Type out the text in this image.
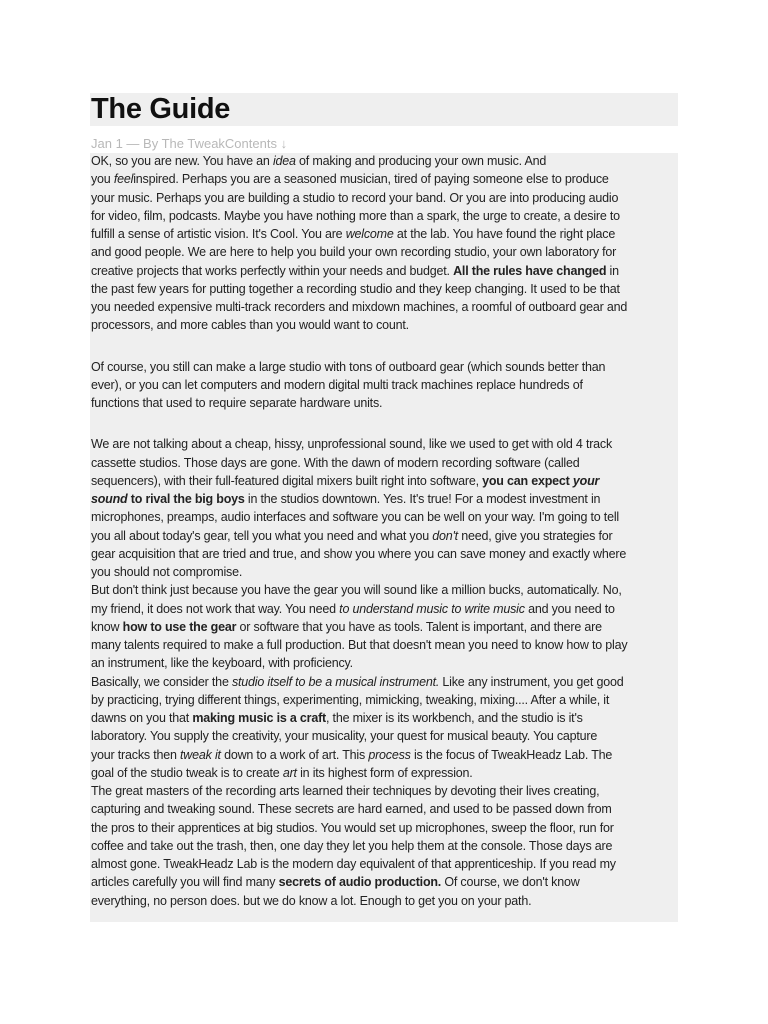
The Guide
Jan 1 — By The TweakContents ↓
OK, so you are new. You have an idea of making and producing your own music. And
you feelinspired. Perhaps you are a seasoned musician, tired of paying someone else to produce
your music. Perhaps you are building a studio to record your band. Or you are into producing audio
for video, film, podcasts. Maybe you have nothing more than a spark, the urge to create, a desire to
fulfill a sense of artistic vision. It's Cool. You are welcome at the lab. You have found the right place
and good people. We are here to help you build your own recording studio, your own laboratory for
creative projects that works perfectly within your needs and budget. All the rules have changed in
the past few years for putting together a recording studio and they keep changing. It used to be that
you needed expensive multi-track recorders and mixdown machines, a roomful of outboard gear and
processors, and more cables than you would want to count.
Of course, you still can make a large studio with tons of outboard gear (which sounds better than
ever), or you can let computers and modern digital multi track machines replace hundreds of
functions that used to require separate hardware units.
We are not talking about a cheap, hissy, unprofessional sound, like we used to get with old 4 track
cassette studios. Those days are gone. With the dawn of modern recording software (called
sequencers), with their full-featured digital mixers built right into software, you can expect your
sound to rival the big boys in the studios downtown. Yes. It's true! For a modest investment in
microphones, preamps, audio interfaces and software you can be well on your way. I'm going to tell
you all about today's gear, tell you what you need and what you don't need, give you strategies for
gear acquisition that are tried and true, and show you where you can save money and exactly where
you should not compromise.
But don't think just because you have the gear you will sound like a million bucks, automatically. No,
my friend, it does not work that way. You need to understand music to write music and you need to
know how to use the gear or software that you have as tools. Talent is important, and there are
many talents required to make a full production. But that doesn't mean you need to know how to play
an instrument, like the keyboard, with proficiency.
Basically, we consider the studio itself to be a musical instrument. Like any instrument, you get good
by practicing, trying different things, experimenting, mimicking, tweaking, mixing.... After a while, it
dawns on you that making music is a craft, the mixer is its workbench, and the studio is it's
laboratory. You supply the creativity, your musicality, your quest for musical beauty. You capture
your tracks then tweak it down to a work of art. This process is the focus of TweakHeadz Lab. The
goal of the studio tweak is to create art in its highest form of expression.
The great masters of the recording arts learned their techniques by devoting their lives creating,
capturing and tweaking sound. These secrets are hard earned, and used to be passed down from
the pros to their apprentices at big studios. You would set up microphones, sweep the floor, run for
coffee and take out the trash, then, one day they let you help them at the console. Those days are
almost gone. TweakHeadz Lab is the modern day equivalent of that apprenticeship. If you read my
articles carefully you will find many secrets of audio production. Of course, we don't know
everything, no person does. but we do know a lot. Enough to get you on your path.
